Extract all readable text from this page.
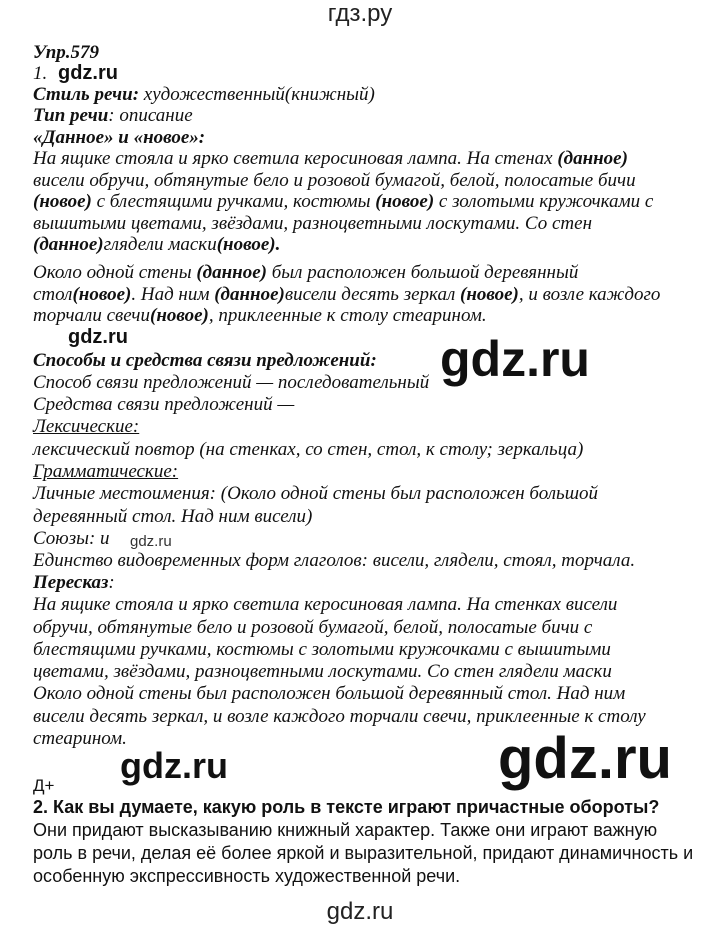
гдз.ру
gdz.ru
gdz.ru
gdz.ru	gdz.ru
gdz.ru
gdz.ru	gdz.ru
Упр.579
1.
Стиль речи: художественный(книжный)
Тип речи: описание
«Данное» и «новое»:
На ящике стояла и ярко светила керосиновая лампа. На стенах (данное)
висели обручи, обтянутые бело и розовой бумагой, белой, полосатые бичи
(новое) с блестящими ручками, костюмы (новое) с золотыми кружочками с
вышитыми цветами, звёздами, разноцветными лоскутами. Со стен
(данное)глядели маски(новое).
Около одной стены (данное) был расположен большой деревянный
стол(новое). Над ним (данное)висели десять зеркал (новое), и возле каждого
торчали свечи(новое), приклеенные к столу стеарином.
Способы и средства связи предложений:
Способ связи предложений — последовательный
Средства связи предложений —
Лексические:
лексический повтор (на стенках, со стен, стол, к столу; зеркальца)
Грамматические:
Личные местоимения: (Около одной стены был расположен большой
деревянный стол. Над ним висели)
Союзы: и
Единство видовременных форм глаголов: висели, глядели, стоял, торчала.
Пересказ:
На ящике стояла и ярко светила керосиновая лампа. На стенках висели
обручи, обтянутые бело и розовой бумагой, белой, полосатые бичи с
блестящими ручками, костюмы с золотыми кружочками с вышитыми
цветами, звёздами, разноцветными лоскутами. Со стен глядели маски
Около одной стены был расположен большой деревянный стол. Над ним
висели десять зеркал, и возле каждого торчали свечи, приклеенные к столу
стеарином.
Д+
2. Как вы думаете, какую роль в тексте играют причастные обороты?
Они придают высказыванию книжный характер. Также они играют важную
роль в речи, делая её более яркой и выразительной, придают динамичность и
особенную экспрессивность художественной речи.
